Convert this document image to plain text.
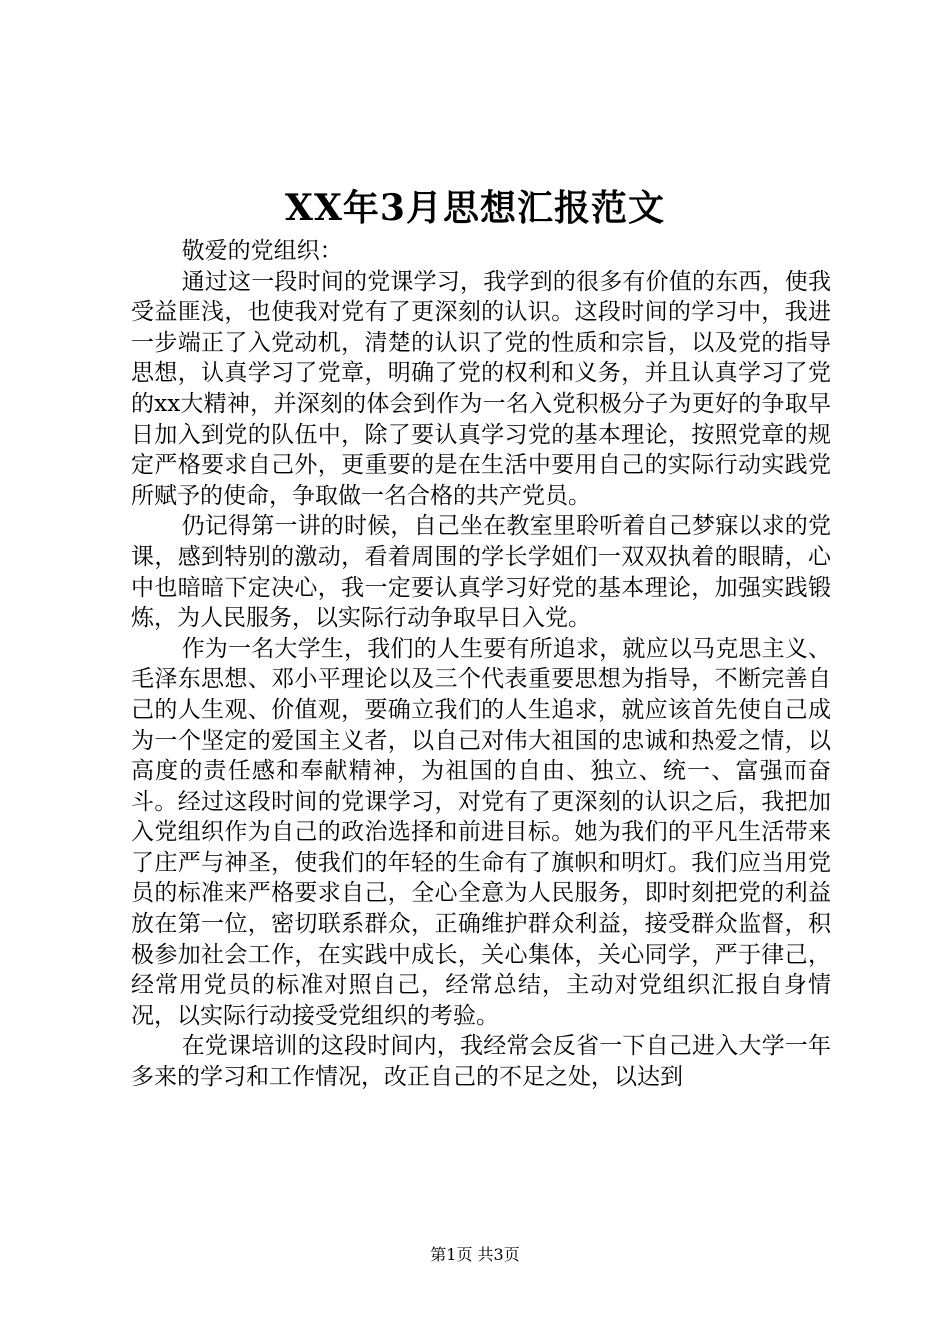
XX年3月思想汇报范文

敬爱的党组织：

通过这一段时间的党课学习，我学到的很多有价值的东西，使我受益匪浅，也使我对党有了更深刻的认识。这段时间的学习中，我进一步端正了入党动机，清楚的认识了党的性质和宗旨，以及党的指导思想，认真学习了党章，明确了党的权利和义务，并且认真学习了党的xx大精神，并深刻的体会到作为一名入党积极分子为更好的争取早日加入到党的队伍中，除了要认真学习党的基本理论，按照党章的规定严格要求自己外，更重要的是在生活中要用自己的实际行动实践党所赋予的使命，争取做一名合格的共产党员。

仍记得第一讲的时候，自己坐在教室里聆听着自己梦寐以求的党课，感到特别的激动，看着周围的学长学姐们一双双执着的眼睛，心中也暗暗下定决心，我一定要认真学习好党的基本理论，加强实践锻炼，为人民服务，以实际行动争取早日入党。

作为一名大学生，我们的人生要有所追求，就应以马克思主义、毛泽东思想、邓小平理论以及三个代表重要思想为指导，不断完善自己的人生观、价值观，要确立我们的人生追求，就应该首先使自己成为一个坚定的爱国主义者，以自己对伟大祖国的忠诚和热爱之情，以高度的责任感和奉献精神，为祖国的自由、独立、统一、富强而奋斗。经过这段时间的党课学习，对党有了更深刻的认识之后，我把加入党组织作为自己的政治选择和前进目标。她为我们的平凡生活带来了庄严与神圣，使我们的年轻的生命有了旗帜和明灯。我们应当用党员的标准来严格要求自己，全心全意为人民服务，即时刻把党的利益放在第一位，密切联系群众，正确维护群众利益，接受群众监督，积极参加社会工作，在实践中成长，关心集体，关心同学，严于律己，经常用党员的标准对照自己，经常总结，主动对党组织汇报自身情况，以实际行动接受党组织的考验。

在党课培训的这段时间内，我经常会反省一下自己进入大学一年多来的学习和工作情况，改正自己的不足之处，以达到

第1页 共3页
